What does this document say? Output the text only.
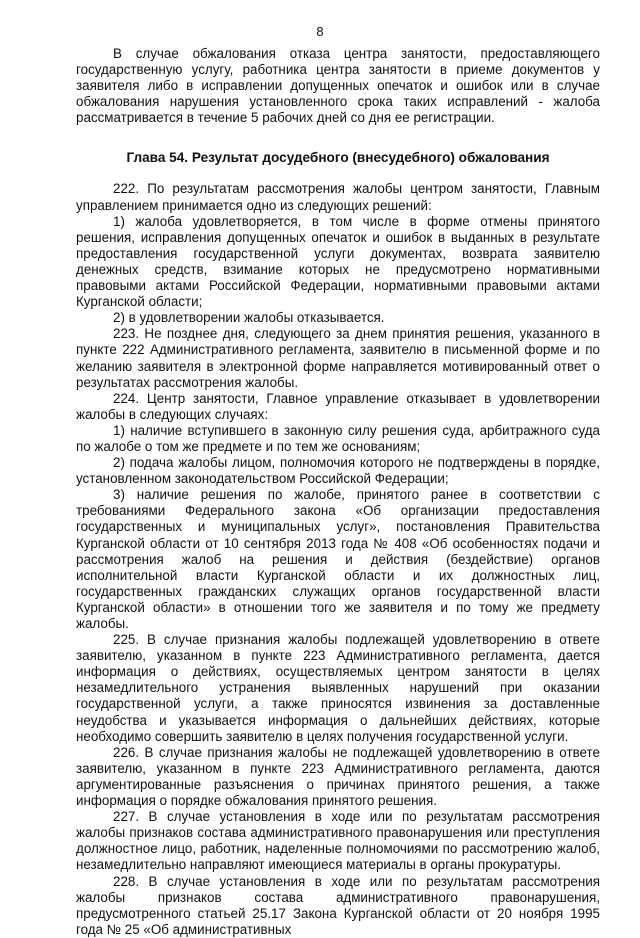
8

В случае обжалования отказа центра занятости, предоставляющего государственную услугу, работника центра занятости в приеме документов у заявителя либо в исправлении допущенных опечаток и ошибок или в случае обжалования нарушения установленного срока таких исправлений - жалоба рассматривается в течение 5 рабочих дней со дня ее регистрации.

Глава 54. Результат досудебного (внесудебного) обжалования

222. По результатам рассмотрения жалобы центром занятости, Главным управлением принимается одно из следующих решений:

1) жалоба удовлетворяется, в том числе в форме отмены принятого решения, исправления допущенных опечаток и ошибок в выданных в результате предоставления государственной услуги документах, возврата заявителю денежных средств, взимание которых не предусмотрено нормативными правовыми актами Российской Федерации, нормативными правовыми актами Курганской области;

2) в удовлетворении жалобы отказывается.

223. Не позднее дня, следующего за днем принятия решения, указанного в пункте 222 Административного регламента, заявителю в письменной форме и по желанию заявителя в электронной форме направляется мотивированный ответ о результатах рассмотрения жалобы.

224. Центр занятости, Главное управление отказывает в удовлетворении жалобы в следующих случаях:

1) наличие вступившего в законную силу решения суда, арбитражного суда по жалобе о том же предмете и по тем же основаниям;

2) подача жалобы лицом, полномочия которого не подтверждены в порядке, установленном законодательством Российской Федерации;

3) наличие решения по жалобе, принятого ранее в соответствии с требованиями Федерального закона «Об организации предоставления государственных и муниципальных услуг», постановления Правительства Курганской области от 10 сентября 2013 года № 408 «Об особенностях подачи и рассмотрения жалоб на решения и действия (бездействие) органов исполнительной власти Курганской области и их должностных лиц, государственных гражданских служащих органов государственной власти Курганской области» в отношении того же заявителя и по тому же предмету жалобы.

225. В случае признания жалобы подлежащей удовлетворению в ответе заявителю, указанном в пункте 223 Административного регламента, дается информация о действиях, осуществляемых центром занятости в целях незамедлительного устранения выявленных нарушений при оказании государственной услуги, а также приносятся извинения за доставленные неудобства и указывается информация о дальнейших действиях, которые необходимо совершить заявителю в целях получения государственной услуги.

226. В случае признания жалобы не подлежащей удовлетворению в ответе заявителю, указанном в пункте 223 Административного регламента, даются аргументированные разъяснения о причинах принятого решения, а также информация о порядке обжалования принятого решения.

227. В случае установления в ходе или по результатам рассмотрения жалобы признаков состава административного правонарушения или преступления должностное лицо, работник, наделенные полномочиями по рассмотрению жалоб, незамедлительно направляют имеющиеся материалы в органы прокуратуры.

228. В случае установления в ходе или по результатам рассмотрения жалобы признаков состава административного правонарушения, предусмотренного статьей 25.17 Закона Курганской области от 20 ноября 1995 года № 25 «Об административных
